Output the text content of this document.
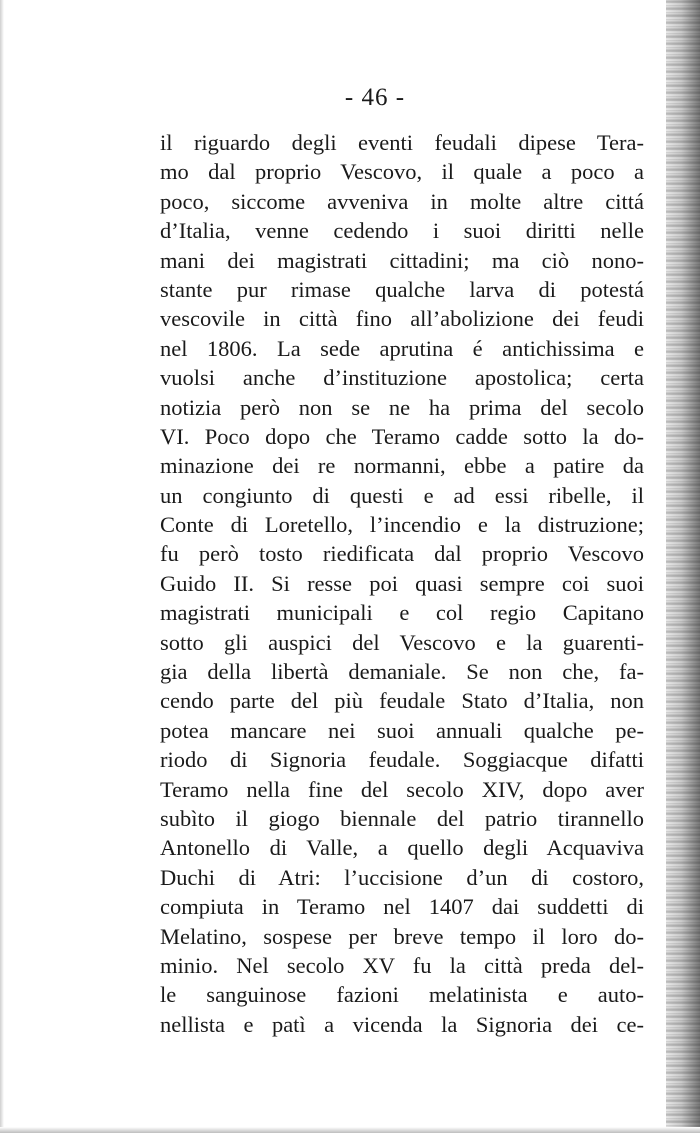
- 46 -
il riguardo degli eventi feudali dipese Tera-
mo dal proprio Vescovo, il quale a poco a
poco, siccome avveniva in molte altre cittá
d’Italia, venne cedendo i suoi diritti nelle
mani dei magistrati cittadini; ma ciò nono-
stante pur rimase qualche larva di potestá
vescovile in città fino all’abolizione dei feudi
nel 1806. La sede aprutina é antichissima e
vuolsi anche d’instituzione apostolica; certa
notizia però non se ne ha prima del secolo
VI. Poco dopo che Teramo cadde sotto la do-
minazione dei re normanni, ebbe a patire da
un congiunto di questi e ad essi ribelle, il
Conte di Loretello, l’incendio e la distruzione;
fu però tosto riedificata dal proprio Vescovo
Guido II. Si resse poi quasi sempre coi suoi
magistrati municipali e col regio Capitano
sotto gli auspici del Vescovo e la guarenti-
gia della libertà demaniale. Se non che, fa-
cendo parte del più feudale Stato d’Italia, non
potea mancare nei suoi annuali qualche pe-
riodo di Signoria feudale. Soggiacque difatti
Teramo nella fine del secolo XIV, dopo aver
subìto il giogo biennale del patrio tirannello
Antonello di Valle, a quello degli Acquaviva
Duchi di Atri: l’uccisione d’un di costoro,
compiuta in Teramo nel 1407 dai suddetti di
Melatino, sospese per breve tempo il loro do-
minio. Nel secolo XV fu la città preda del-
le sanguinose fazioni melatinista e auto-
nellista e patì a vicenda la Signoria dei ce-
